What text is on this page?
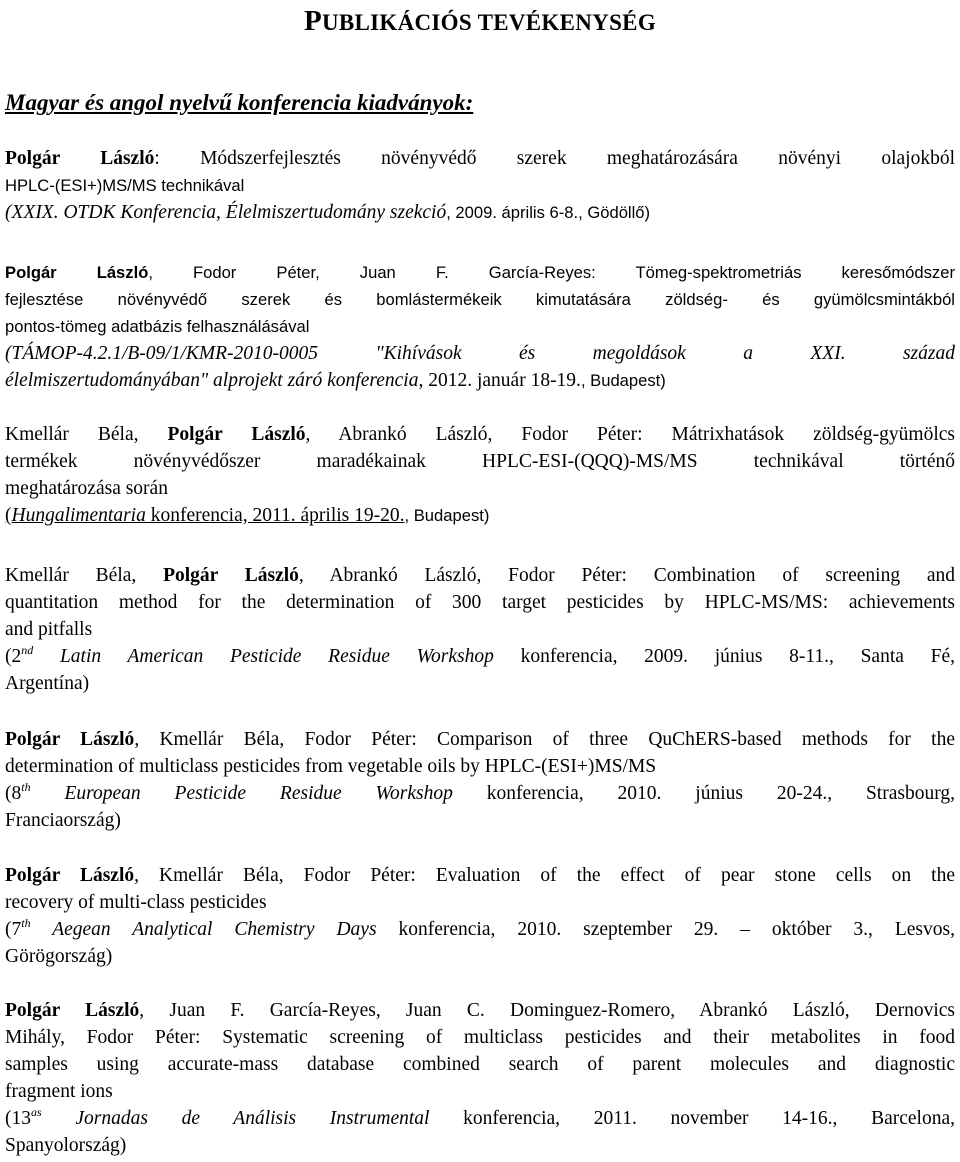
PUBLIKÁCIÓS TEVÉKENYSÉG
Magyar és angol nyelvű konferencia kiadványok:
Polgár László: Módszerfejlesztés növényvédő szerek meghatározására növényi olajokból
HPLC-(ESI+)MS/MS technikával
(XXIX. OTDK Konferencia, Élelmiszertudomány szekció, 2009. április 6-8., Gödöllő)
Polgár László, Fodor Péter, Juan F. García-Reyes: Tömeg-spektrometriás keresőmódszer
fejlesztése növényvédő szerek és bomlástermékeik kimutatására zöldség- és gyümölcsmintákból
pontos-tömeg adatbázis felhasználásával
(TÁMOP-4.2.1/B-09/1/KMR-2010-0005 "Kihívások és megoldások a XXI. század
élelmiszertudományában" alprojekt záró konferencia, 2012. január 18-19., Budapest)
Kmellár Béla, Polgár László, Abrankó László, Fodor Péter: Mátrixhatások zöldség-gyümölcs
termékek növényvédőszer maradékainak HPLC-ESI-(QQQ)-MS/MS technikával történő
meghatározása során
(Hungalimentaria konferencia, 2011. április 19-20., Budapest)
Kmellár Béla, Polgár László, Abrankó László, Fodor Péter: Combination of screening and
quantitation method for the determination of 300 target pesticides by HPLC-MS/MS: achievements
and pitfalls
(2nd Latin American Pesticide Residue Workshop konferencia, 2009. június 8-11., Santa Fé,
Argentína)
Polgár László, Kmellár Béla, Fodor Péter: Comparison of three QuChERS-based methods for the
determination of multiclass pesticides from vegetable oils by HPLC-(ESI+)MS/MS
(8th European Pesticide Residue Workshop konferencia, 2010. június 20-24., Strasbourg,
Franciaország)
Polgár László, Kmellár Béla, Fodor Péter: Evaluation of the effect of pear stone cells on the
recovery of multi-class pesticides
(7th Aegean Analytical Chemistry Days konferencia, 2010. szeptember 29. – október 3., Lesvos,
Görögország)
Polgár László, Juan F. García-Reyes, Juan C. Dominguez-Romero, Abrankó László, Dernovics
Mihály, Fodor Péter: Systematic screening of multiclass pesticides and their metabolites in food
samples using accurate-mass database combined search of parent molecules and diagnostic
fragment ions
($13^{as}$ Jornadas de Análisis Instrumental konferencia, 2011. november 14-16., Barcelona,
Spanyolország)
